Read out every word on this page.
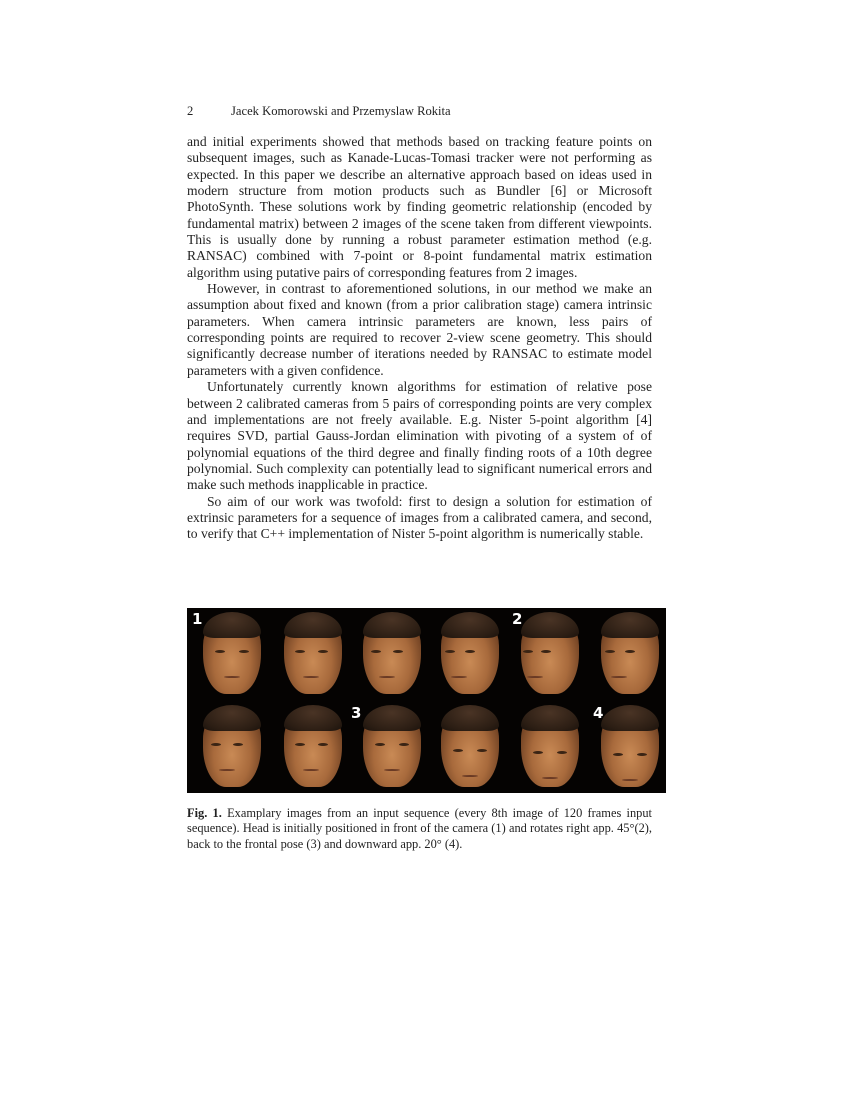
2	Jacek Komorowski and Przemyslaw Rokita

and initial experiments showed that methods based on tracking feature points on subsequent images, such as Kanade-Lucas-Tomasi tracker were not performing as expected. In this paper we describe an alternative approach based on ideas used in modern structure from motion products such as Bundler [6] or Microsoft PhotoSynth. These solutions work by finding geometric relationship (encoded by fundamental matrix) between 2 images of the scene taken from different viewpoints. This is usually done by running a robust parameter estimation method (e.g. RANSAC) combined with 7-point or 8-point fundamental matrix estimation algorithm using putative pairs of corresponding features from 2 images.

However, in contrast to aforementioned solutions, in our method we make an assumption about fixed and known (from a prior calibration stage) camera intrinsic parameters. When camera intrinsic parameters are known, less pairs of corresponding points are required to recover 2-view scene geometry. This should significantly decrease number of iterations needed by RANSAC to estimate model parameters with a given confidence.

Unfortunately currently known algorithms for estimation of relative pose between 2 calibrated cameras from 5 pairs of corresponding points are very complex and implementations are not freely available. E.g. Nister 5-point algorithm [4] requires SVD, partial Gauss-Jordan elimination with pivoting of a system of of polynomial equations of the third degree and finally finding roots of a 10th degree polynomial. Such complexity can potentially lead to significant numerical errors and make such methods inapplicable in practice.

So aim of our work was twofold: first to design a solution for estimation of extrinsic parameters for a sequence of images from a calibrated camera, and second, to verify that C++ implementation of Nister 5-point algorithm is numerically stable.

1	2
3	4
Fig. 1. Examplary images from an input sequence (every 8th image of 120 frames input sequence). Head is initially positioned in front of the camera (1) and rotates right app. 45°(2), back to the frontal pose (3) and downward app. 20° (4).
